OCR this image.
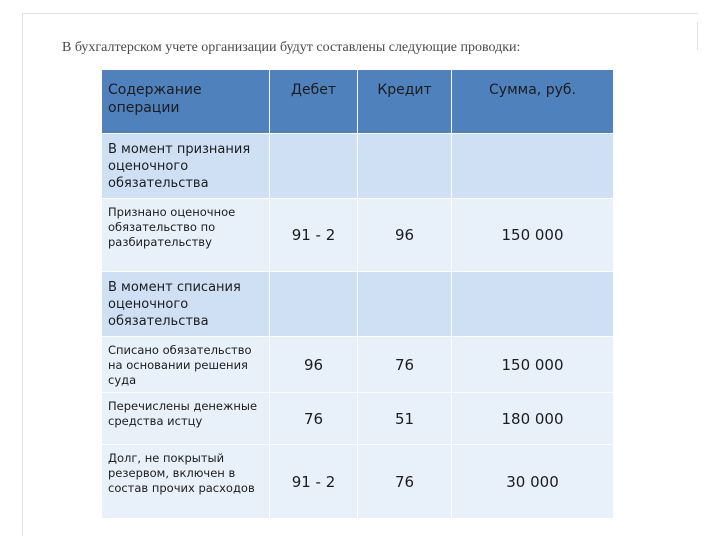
В бухгалтерском учете организации будут составлены следующие проводки:
Содержание операции	Дебет	Кредит	Сумма, руб.
В момент признания оценочного обязательства			
Признано оценочное обязательство по разбирательству	91 - 2	96	150 000
В момент списания оценочного обязательства			
Списано обязательство на основании решения суда	96	76	150 000
Перечислены денежные средства истцу	76	51	180 000
Долг, не покрытый резервом, включен в состав прочих расходов	91 - 2	76	30 000
